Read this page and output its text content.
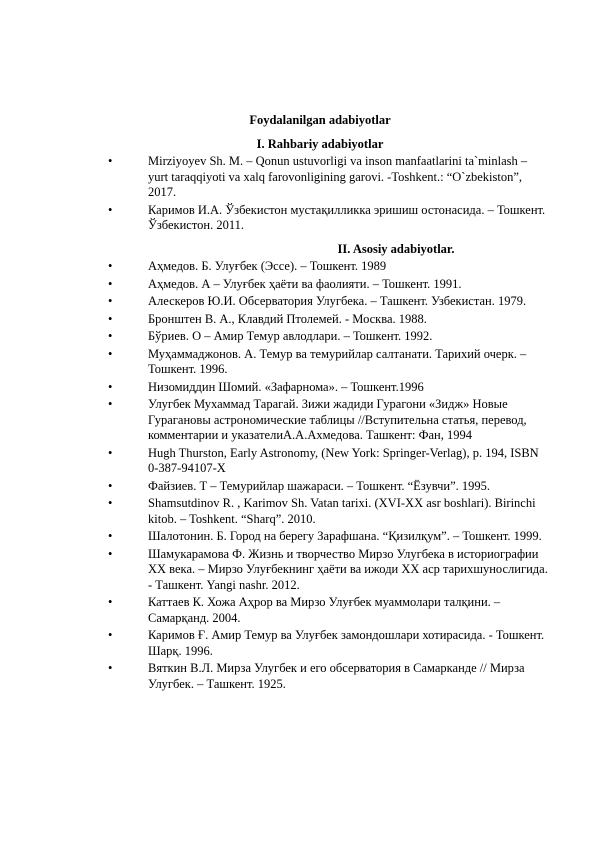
Foydalanilgan adabiyotlar
I. Rahbariy adabiyotlar
•	Mirziyoyev Sh. M. – Qonun ustuvorligi va inson manfaatlarini ta`minlash – yurt taraqqiyoti va xalq farovonligining garovi. -Toshkent.: “O`zbekiston”, 2017.
•	Каримов И.А. Ўзбекистон мустақилликка эришиш остонасида. – Тошкент. Ўзбекистон. 2011.
II. Asosiy adabiyotlar.
•	Аҳмедов. Б. Улуғбек (Эссе). – Тошкент. 1989
•	Аҳмедов. А – Улуғбек ҳаёти ва фаолияти. – Тошкент. 1991.
•	Алескеров Ю.И. Обсерватория Улугбека. – Ташкент. Узбекистан. 1979.
•	Бронштен В. А., Клавдий Птолемей. - Москва. 1988.
•	Бўриев. О – Амир Темур авлодлари. – Тошкент. 1992.
•	Муҳаммаджонов. А. Темур ва темурийлар салтанати. Тарихий очерк. – Тошкент. 1996.
•	Низомиддин Шомий. «Зафарнома». – Тошкент.1996
•	Улугбек Мухаммад Тарагай. Зижи жадиди Гурагони «Зидж» Новые Гурагановы астрономические таблицы //Вступительна статья, перевод, комментарии и указателиА.А.Ахмедова. Ташкент: Фан, 1994
•	Hugh Thurston, Early Astronomy, (New York: Springer-Verlag), p. 194, ISBN 0-387-94107-X
•	Файзиев. Т – Темурийлар шажараси. – Тошкент. “Ёзувчи”. 1995.
•	Shamsutdinov R. , Karimov Sh. Vatan tarixi. (XVI-XX asr boshlari). Birinchi kitob. – Toshkent. “Sharq”. 2010.
•	Шалотонин. Б. Город на берегу Зарафшана. “Қизилқум”. – Тошкент. 1999.
•	Шамукарамова Ф. Жизнь и творчество Мирзо Улугбека в историографии ХХ века. – Мирзо Улуғбекнинг ҳаёти ва ижоди ХХ аср тарихшунослигида. - Ташкент. Yangi nashr. 2012.
•	Каттаев К. Хожа Аҳрор ва Мирзо Улуғбек муаммолари талқини. – Самарқанд. 2004.
•	Каримов Ғ. Амир Темур ва Улуғбек замондошлари хотирасида. - Тошкент. Шарқ. 1996.
•	Вяткин В.Л. Мирза Улугбек и его обсерватория в Самарканде // Мирза Улугбек. – Ташкент. 1925.
